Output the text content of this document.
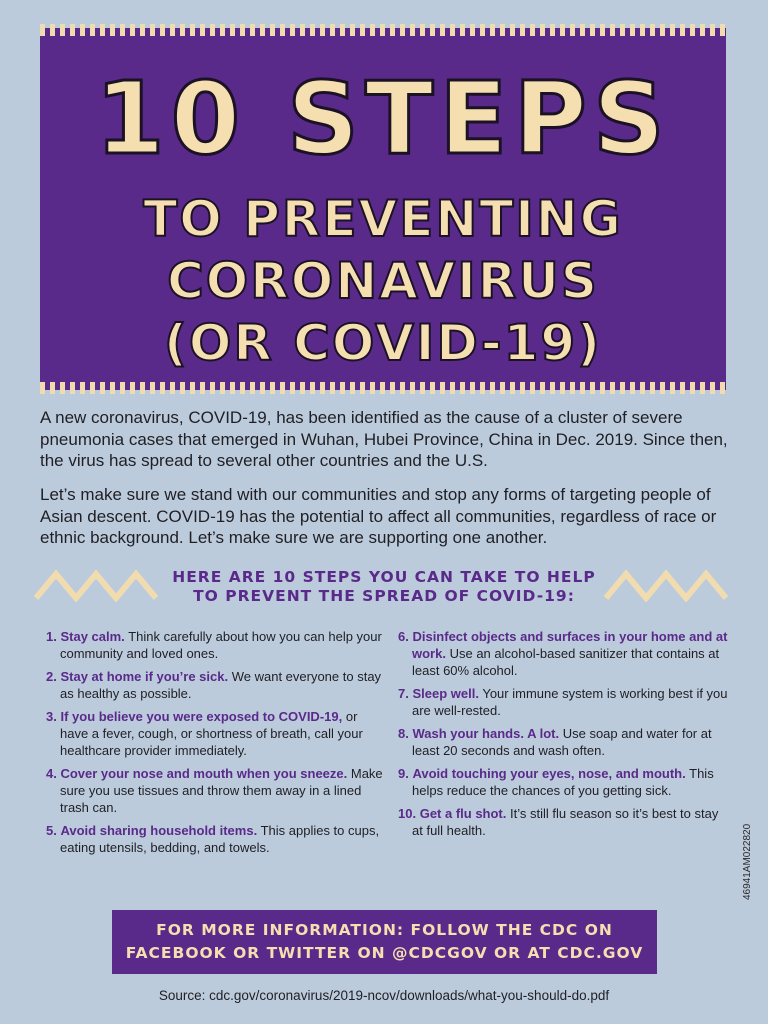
10 STEPS
TO PREVENTING
CORONAVIRUS
(OR COVID-19)

A new coronavirus, COVID-19, has been identified as the cause of a cluster of severe pneumonia cases that emerged in Wuhan, Hubei Province, China in Dec. 2019. Since then, the virus has spread to several other countries and the U.S.

Let’s make sure we stand with our communities and stop any forms of targeting people of Asian descent. COVID-19 has the potential to affect all communities, regardless of race or ethnic background. Let’s make sure we are supporting one another.

HERE ARE 10 STEPS YOU CAN TAKE TO HELP
TO PREVENT THE SPREAD OF COVID-19:
1. Stay calm. Think carefully about how you can help your community and loved ones.
2. Stay at home if you’re sick. We want everyone to stay as healthy as possible.
3. If you believe you were exposed to COVID-19, or have a fever, cough, or shortness of breath, call your healthcare provider immediately.
4. Cover your nose and mouth when you sneeze. Make sure you use tissues and throw them away in a lined trash can.
5. Avoid sharing household items. This applies to cups, eating utensils, bedding, and towels.
6. Disinfect objects and surfaces in your home and at work. Use an alcohol-based sanitizer that contains at least 60% alcohol.
7. Sleep well. Your immune system is working best if you are well-rested.
8. Wash your hands. A lot. Use soap and water for at least 20 seconds and wash often.
9. Avoid touching your eyes, nose, and mouth. This helps reduce the chances of you getting sick.
10. Get a flu shot. It’s still flu season so it’s best to stay at full health.
FOR MORE INFORMATION: FOLLOW THE CDC ON
FACEBOOK OR TWITTER ON @CDCGOV OR AT CDC.GOV
Source: cdc.gov/coronavirus/2019-ncov/downloads/what-you-should-do.pdf
46941AM022820
